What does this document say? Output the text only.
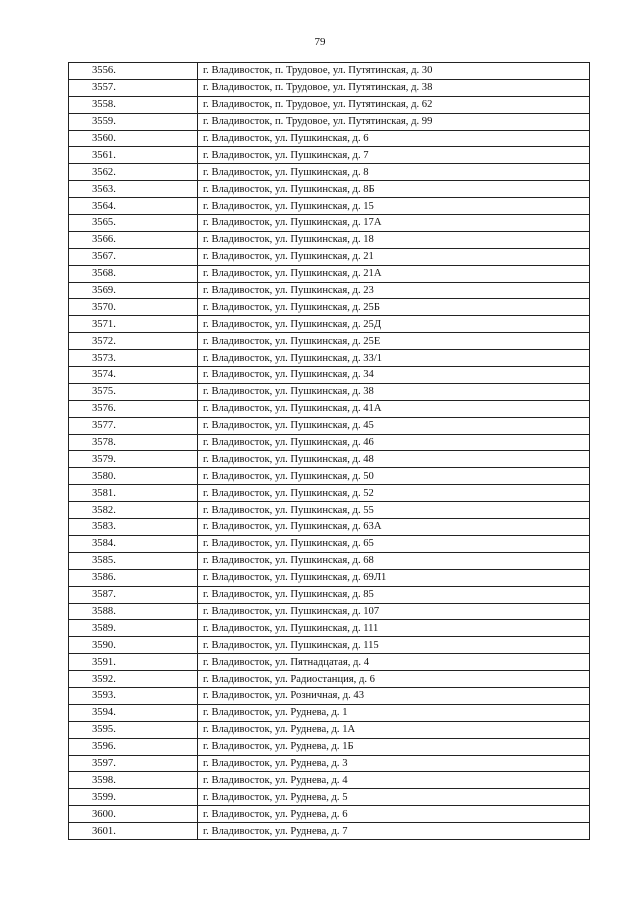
79
3556.	г. Владивосток, п. Трудовое, ул. Путятинская, д. 30
3557.	г. Владивосток, п. Трудовое, ул. Путятинская, д. 38
3558.	г. Владивосток, п. Трудовое, ул. Путятинская, д. 62
3559.	г. Владивосток, п. Трудовое, ул. Путятинская, д. 99
3560.	г. Владивосток, ул. Пушкинская, д. 6
3561.	г. Владивосток, ул. Пушкинская, д. 7
3562.	г. Владивосток, ул. Пушкинская, д. 8
3563.	г. Владивосток, ул. Пушкинская, д. 8Б
3564.	г. Владивосток, ул. Пушкинская, д. 15
3565.	г. Владивосток, ул. Пушкинская, д. 17А
3566.	г. Владивосток, ул. Пушкинская, д. 18
3567.	г. Владивосток, ул. Пушкинская, д. 21
3568.	г. Владивосток, ул. Пушкинская, д. 21А
3569.	г. Владивосток, ул. Пушкинская, д. 23
3570.	г. Владивосток, ул. Пушкинская, д. 25Б
3571.	г. Владивосток, ул. Пушкинская, д. 25Д
3572.	г. Владивосток, ул. Пушкинская, д. 25Е
3573.	г. Владивосток, ул. Пушкинская, д. 33/1
3574.	г. Владивосток, ул. Пушкинская, д. 34
3575.	г. Владивосток, ул. Пушкинская, д. 38
3576.	г. Владивосток, ул. Пушкинская, д. 41А
3577.	г. Владивосток, ул. Пушкинская, д. 45
3578.	г. Владивосток, ул. Пушкинская, д. 46
3579.	г. Владивосток, ул. Пушкинская, д. 48
3580.	г. Владивосток, ул. Пушкинская, д. 50
3581.	г. Владивосток, ул. Пушкинская, д. 52
3582.	г. Владивосток, ул. Пушкинская, д. 55
3583.	г. Владивосток, ул. Пушкинская, д. 63А
3584.	г. Владивосток, ул. Пушкинская, д. 65
3585.	г. Владивосток, ул. Пушкинская, д. 68
3586.	г. Владивосток, ул. Пушкинская, д. 69Л1
3587.	г. Владивосток, ул. Пушкинская, д. 85
3588.	г. Владивосток, ул. Пушкинская, д. 107
3589.	г. Владивосток, ул. Пушкинская, д. 111
3590.	г. Владивосток, ул. Пушкинская, д. 115
3591.	г. Владивосток, ул. Пятнадцатая, д. 4
3592.	г. Владивосток, ул. Радиостанция, д. 6
3593.	г. Владивосток, ул. Розничная, д. 43
3594.	г. Владивосток, ул. Руднева, д. 1
3595.	г. Владивосток, ул. Руднева, д. 1А
3596.	г. Владивосток, ул. Руднева, д. 1Б
3597.	г. Владивосток, ул. Руднева, д. 3
3598.	г. Владивосток, ул. Руднева, д. 4
3599.	г. Владивосток, ул. Руднева, д. 5
3600.	г. Владивосток, ул. Руднева, д. 6
3601.	г. Владивосток, ул. Руднева, д. 7
